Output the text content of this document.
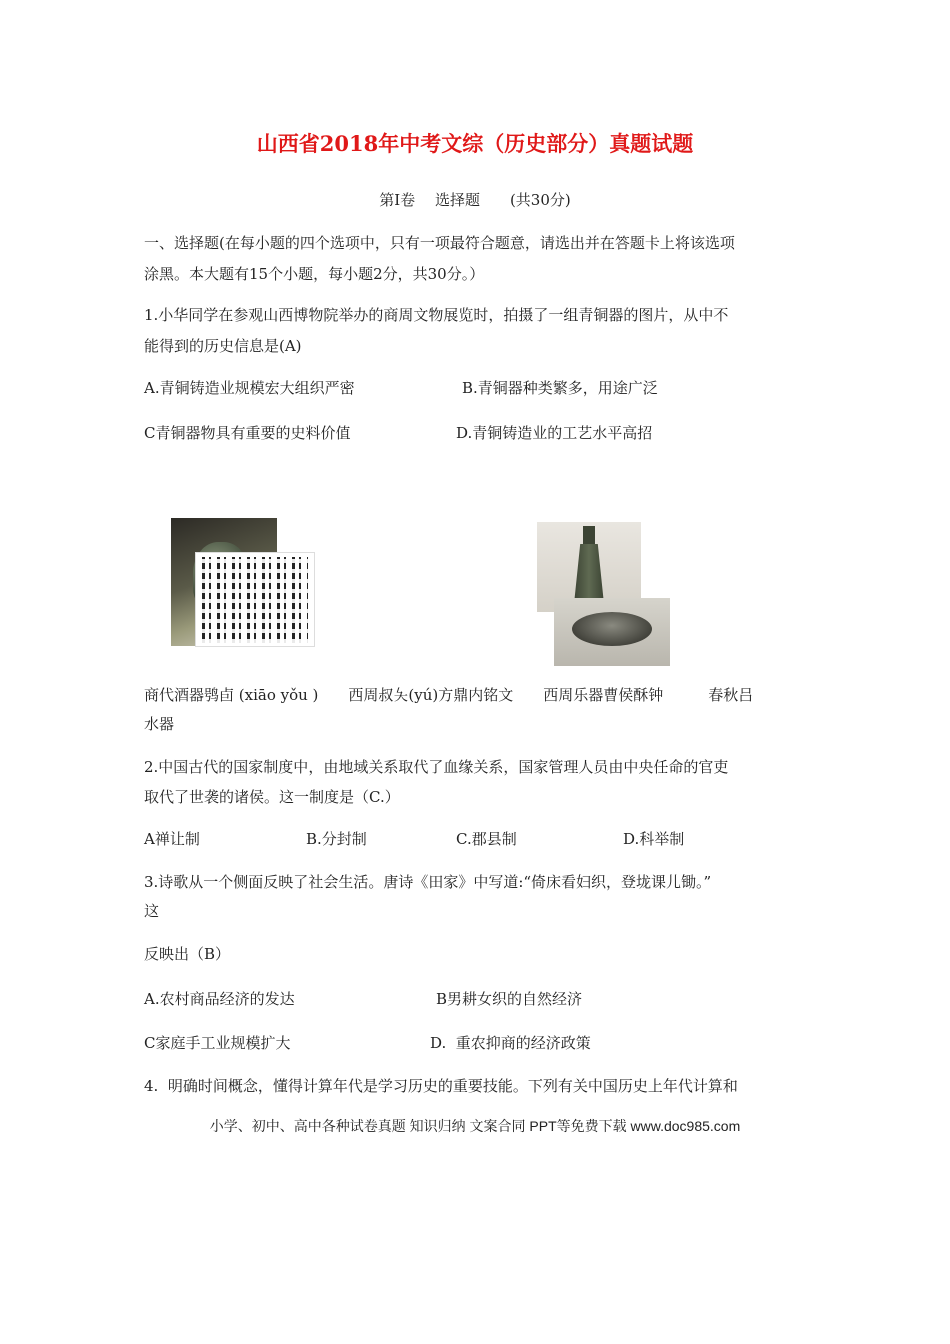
山西省2018年中考文综（历史部分）真题试题
第Ⅰ卷　 选择题　　(共30分)
一、选择题(在每小题的四个选项中，只有一项最符合题意，请选出并在答题卡上将该选项
涂黑。本大题有15个小题，每小题2分，共30分。）
1.小华同学在参观山西博物院举办的商周文物展览时，拍摄了一组青铜器的图片，从中不
能得到的历史信息是(A)
A.青铜铸造业规模宏大组织严密	B.青铜器种类繁多，用途广泛
C青铜器物具有重要的史料价值	D.青铜铸造业的工艺水平高招
商代酒器鸮卣 (xiāo yǒu )　　西周叔夨(yú)方鼎内铭文　　西周乐器曹侯酥钟　　　春秋吕
水器
2.中国古代的国家制度中，由地域关系取代了血缘关系，国家管理人员由中央任命的官吏
取代了世袭的诸侯。这一制度是（C.）
A禅让制	B.分封制	C.郡县制	D.科举制
3.诗歌从一个侧面反映了社会生活。唐诗《田家》中写道:“倚床看妇织，登垅课儿锄。”
这
反映出（B）
A.农村商品经济的发达	B男耕女织的自然经济
C家庭手工业规模扩大	D.  重农抑商的经济政策
4.  明确时间概念，懂得计算年代是学习历史的重要技能。下列有关中国历史上年代计算和
小学、初中、高中各种试卷真题 知识归纳 文案合同 PPT等免费下载 www.doc985.com
